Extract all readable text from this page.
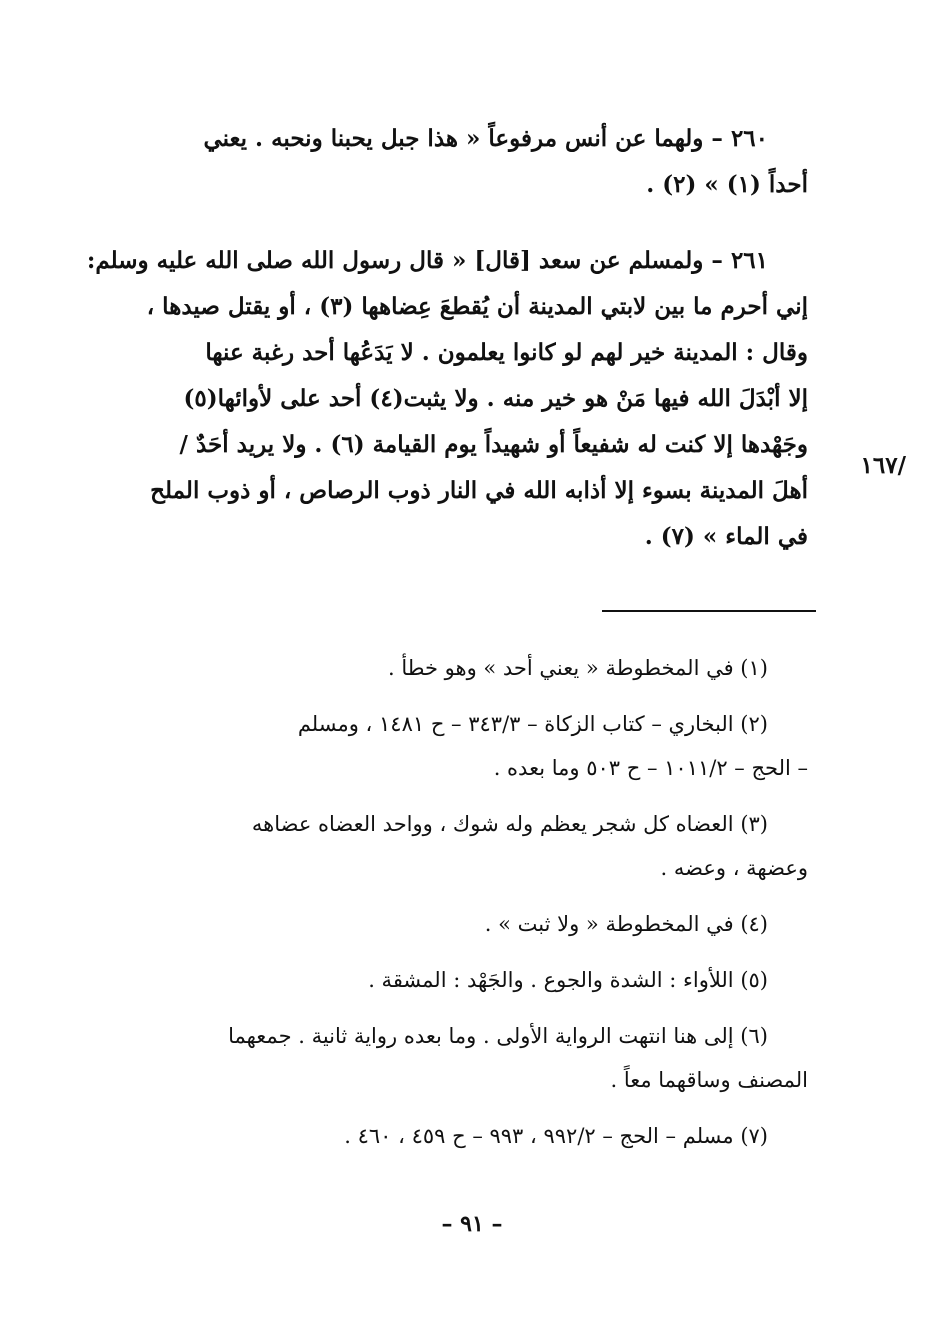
٢٦٠ – ولهما عن أنس مرفوعاً « هذا جبل يحبنا ونحبه . يعني
أحداً (١) » (٢) .

٢٦١ – ولمسلم عن سعد [قال] « قال رسول الله صلى الله عليه وسلم:
إني أحرم ما بين لابتي المدينة أن يُقطعَ عِضاهها (٣) ، أو يقتل صيدها ،
وقال : المدينة خير لهم لو كانوا يعلمون . لا يَدَعُها أحد رغبة عنها
إلا أبْدَلَ الله فيها مَنْ هو خير منه . ولا يثبت(٤) أحد على لأوائها(٥)
وجَهْدها إلا كنت له شفيعاً أو شهيداً يوم القيامة (٦) . ولا يريد أحَدٌ /
أهلَ المدينة بسوء إلا أذابه الله في النار ذوب الرصاص ، أو ذوب الملح
في الماء » (٧) .

/١٦٧
(١) في المخطوطة « يعني أحد » وهو خطأ .
(٢) البخاري – كتاب الزكاة – ٣٤٣/٣ – ح ١٤٨١ ، ومسلم
– الحج – ١٠١١/٢ – ح ٥٠٣ وما بعده .
(٣) العضاه كل شجر يعظم وله شوك ، وواحد العضاه عضاهه
وعضهة ، وعضه .
(٤) في المخطوطة « ولا ثبت » .
(٥) اللأواء : الشدة والجوع . والجَهْد : المشقة .
(٦) إلى هنا انتهت الرواية الأولى . وما بعده رواية ثانية . جمعهما
المصنف وساقهما معاً .
(٧) مسلم – الحج – ٩٩٢/٢ ، ٩٩٣ – ح ٤٥٩ ، ٤٦٠ .
– ٩١ –
